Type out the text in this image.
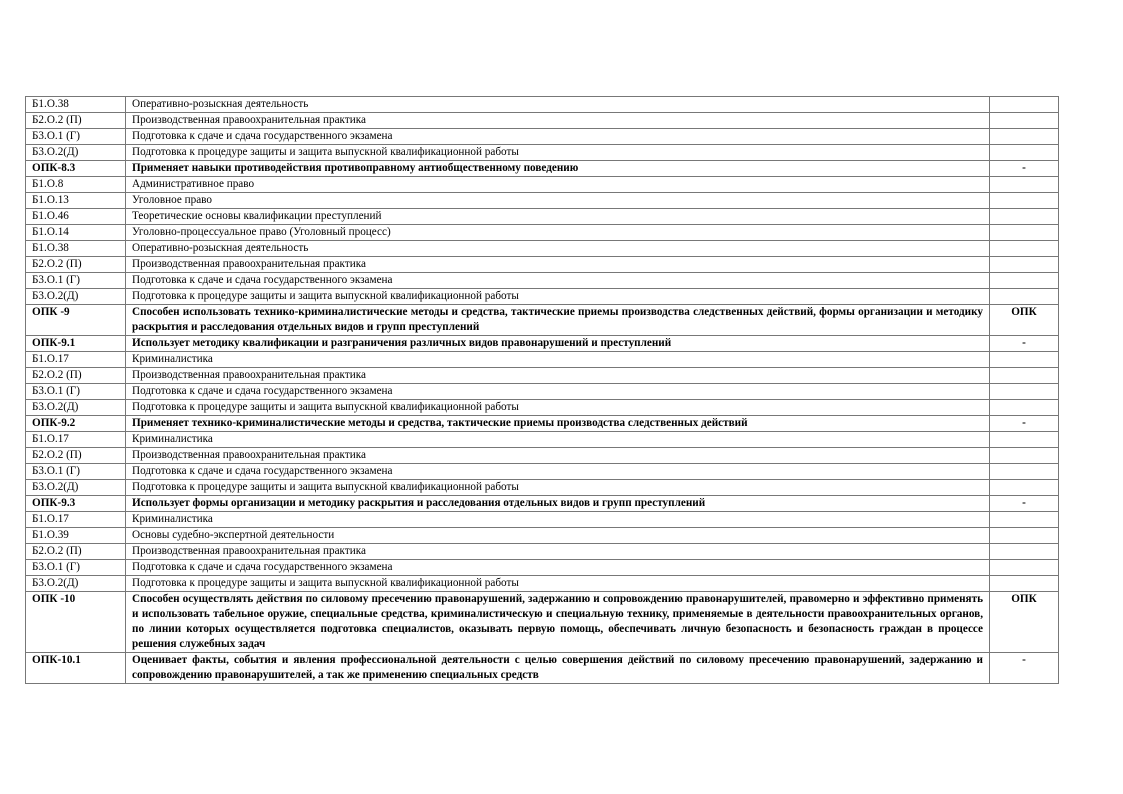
Б1.О.38	Оперативно-розыскная деятельность	
Б2.О.2 (П)	Производственная правоохранительная практика	
Б3.О.1 (Г)	Подготовка к сдаче и сдача государственного экзамена	
Б3.О.2(Д)	Подготовка к процедуре защиты и защита выпускной квалификационной работы	
ОПК-8.3	Применяет навыки противодействия противоправному антиобщественному поведению	-
Б1.О.8	Административное право	
Б1.О.13	Уголовное право	
Б1.О.46	Теоретические основы квалификации преступлений	
Б1.О.14	Уголовно-процессуальное право (Уголовный процесс)	
Б1.О.38	Оперативно-розыскная деятельность	
Б2.О.2 (П)	Производственная правоохранительная практика	
Б3.О.1 (Г)	Подготовка к сдаче и сдача государственного экзамена	
Б3.О.2(Д)	Подготовка к процедуре защиты и защита выпускной квалификационной работы	
ОПК -9	Способен использовать технико-криминалистические методы и средства, тактические приемы производства следственных действий, формы организации и методику раскрытия и расследования отдельных видов и групп преступлений	ОПК
ОПК-9.1	Использует методику квалификации и разграничения различных видов правонарушений и преступлений	-
Б1.О.17	Криминалистика	
Б2.О.2 (П)	Производственная правоохранительная практика	
Б3.О.1 (Г)	Подготовка к сдаче и сдача государственного экзамена	
Б3.О.2(Д)	Подготовка к процедуре защиты и защита выпускной квалификационной работы	
ОПК-9.2	Применяет технико-криминалистические методы и средства, тактические приемы производства следственных действий	-
Б1.О.17	Криминалистика	
Б2.О.2 (П)	Производственная правоохранительная практика	
Б3.О.1 (Г)	Подготовка к сдаче и сдача государственного экзамена	
Б3.О.2(Д)	Подготовка к процедуре защиты и защита выпускной квалификационной работы	
ОПК-9.3	Использует формы организации и методику раскрытия и расследования отдельных видов и групп преступлений	-
Б1.О.17	Криминалистика	
Б1.О.39	Основы судебно-экспертной деятельности	
Б2.О.2 (П)	Производственная правоохранительная практика	
Б3.О.1 (Г)	Подготовка к сдаче и сдача государственного экзамена	
Б3.О.2(Д)	Подготовка к процедуре защиты и защита выпускной квалификационной работы	
ОПК -10	Способен осуществлять действия по силовому пресечению правонарушений, задержанию и сопровождению правонарушителей, правомерно и эффективно применять и использовать табельное оружие, специальные средства, криминалистическую и специальную технику, применяемые в деятельности правоохранительных органов, по линии которых осуществляется подготовка специалистов, оказывать первую помощь, обеспечивать личную безопасность и безопасность граждан в процессе решения служебных задач	ОПК
ОПК-10.1	Оценивает факты, события и явления профессиональной деятельности с целью совершения действий по силовому пресечению правонарушений, задержанию и сопровождению правонарушителей, а так же применению специальных средств	-
